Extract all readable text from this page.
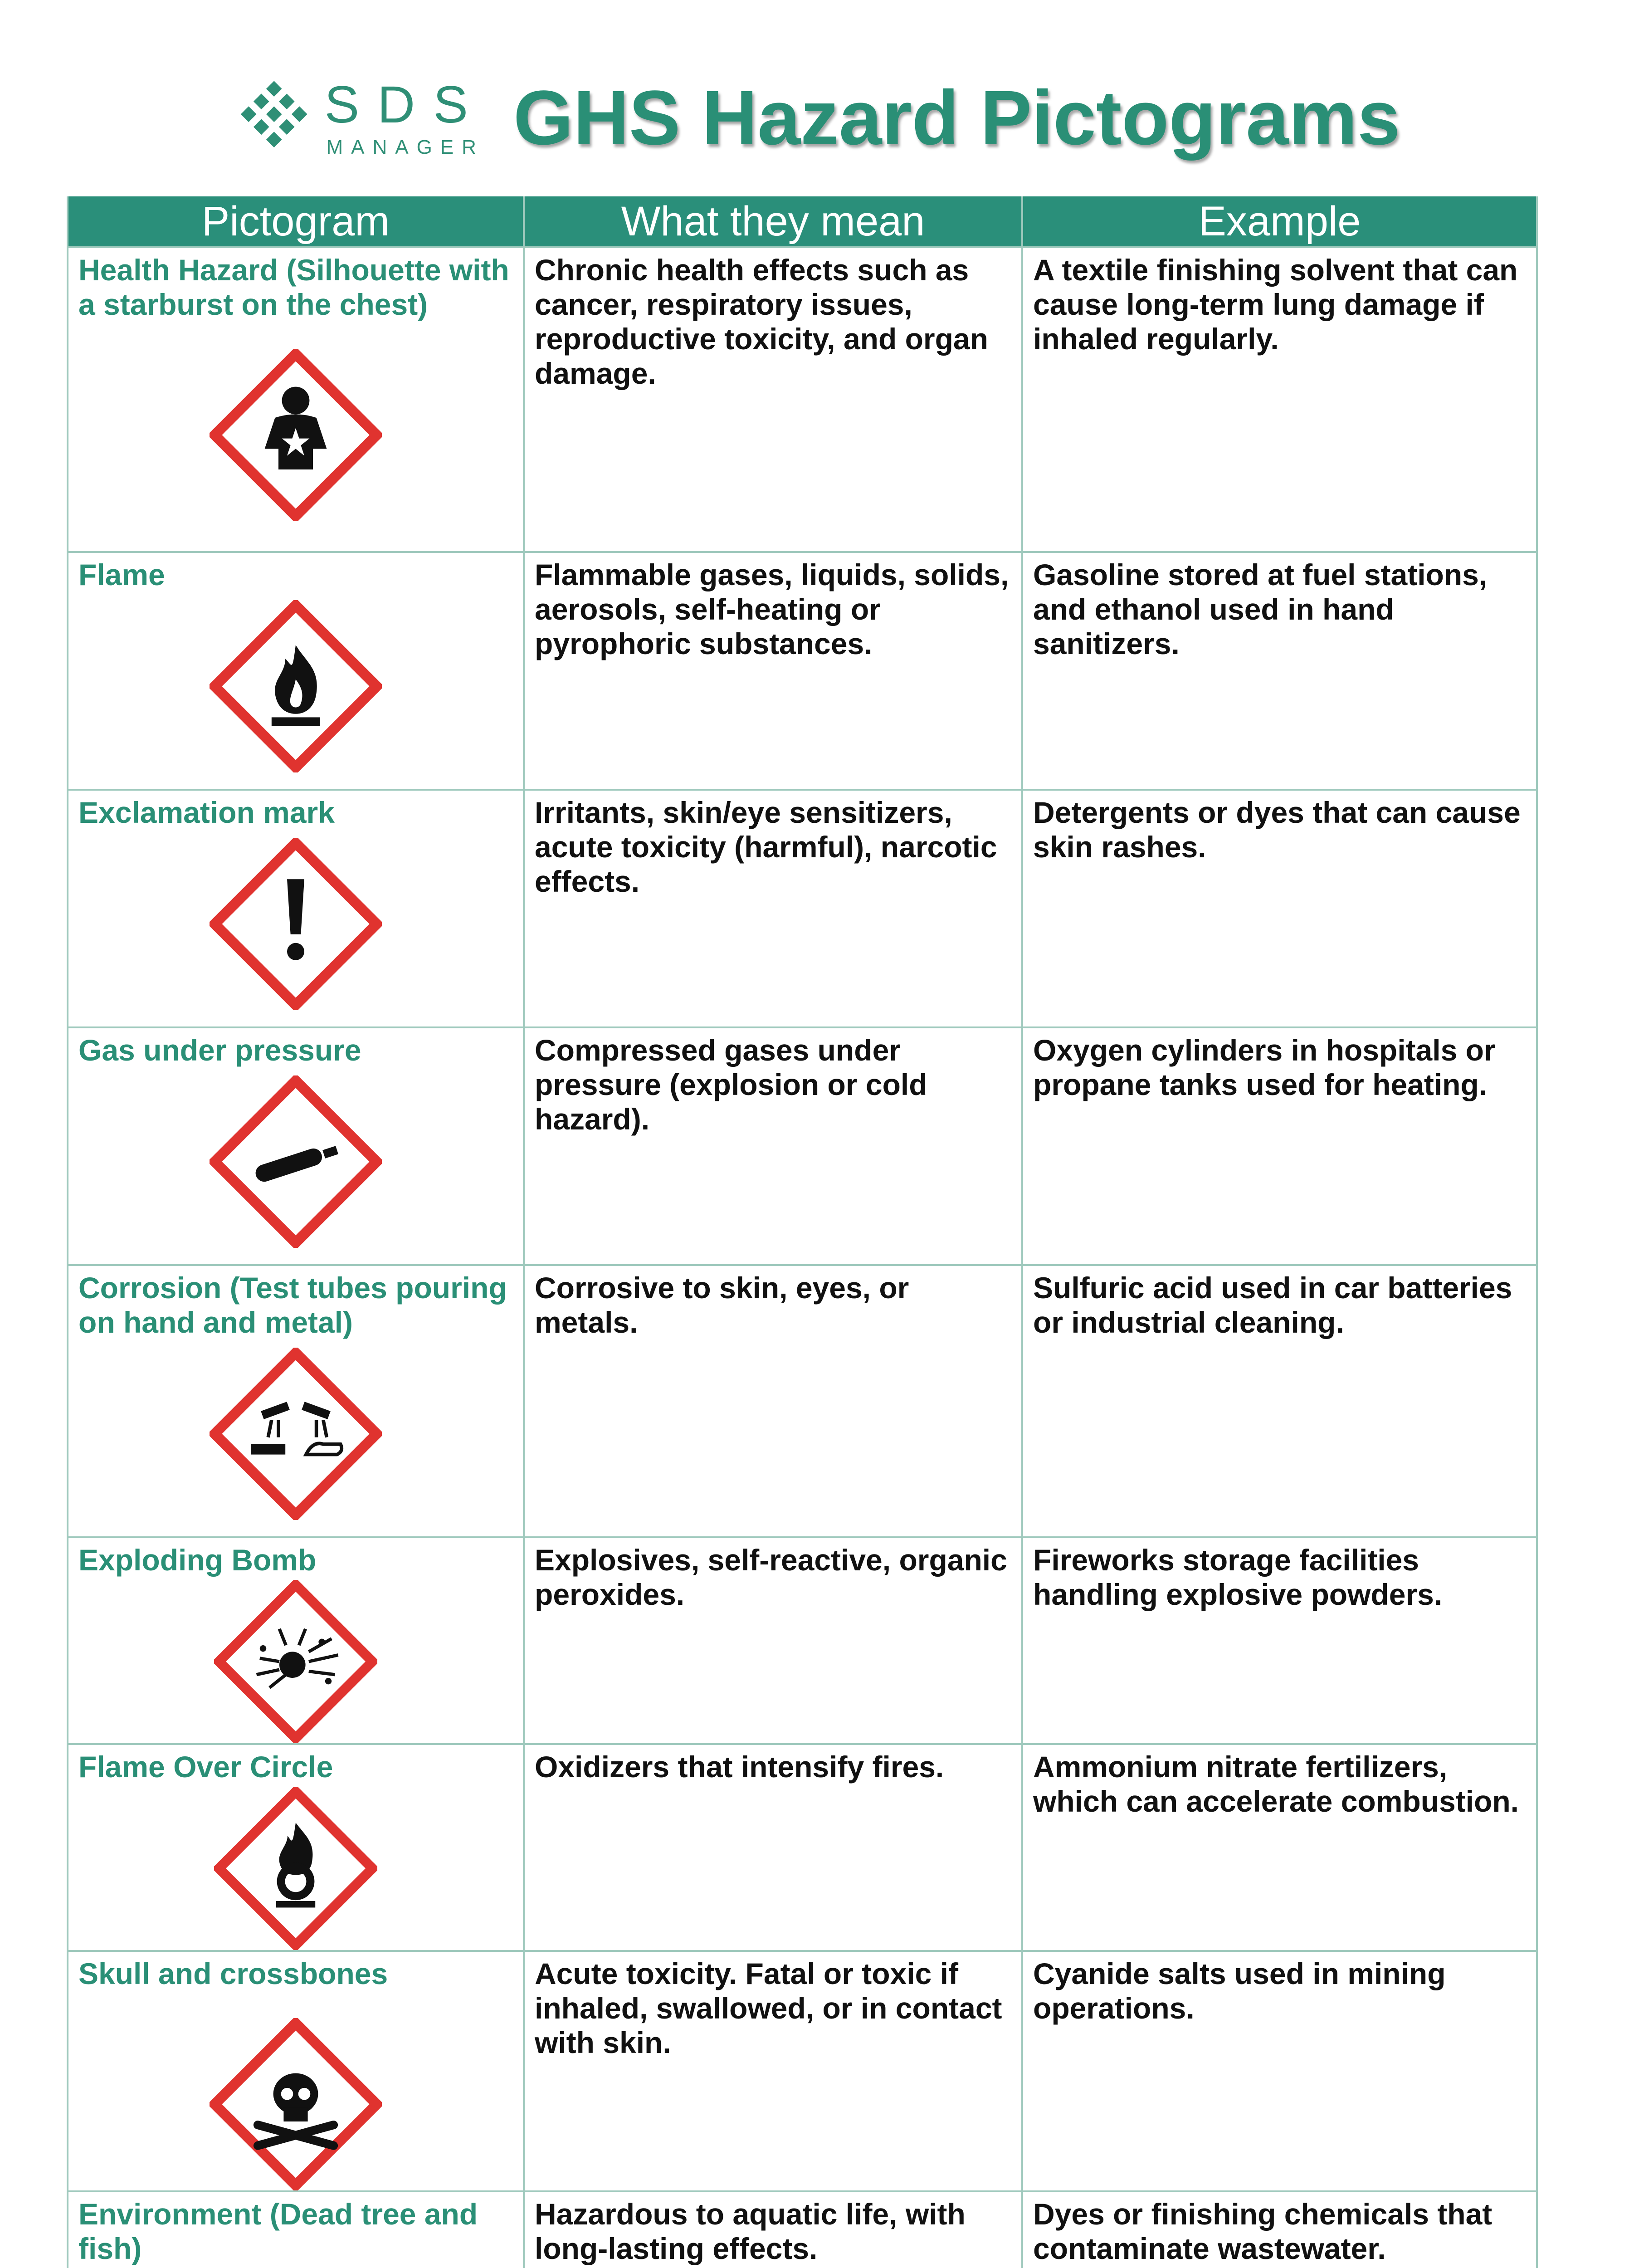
SDS
MANAGER GHS Hazard Pictograms
Pictogram	What they mean	Example

Health Hazard (Silhouette with a starburst on the chest)	Chronic health effects such as cancer, respiratory issues, reproductive toxicity, and organ damage.	A textile finishing solvent that can cause long-term lung damage if inhaled regularly.

Flame	Flammable gases, liquids, solids, aerosols, self-heating or pyrophoric substances.	Gasoline stored at fuel stations, and ethanol used in hand sanitizers.

Exclamation mark	Irritants, skin/eye sensitizers, acute toxicity (harmful), narcotic effects.	Detergents or dyes that can cause skin rashes.

Gas under pressure	Compressed gases under pressure (explosion or cold hazard).	Oxygen cylinders in hospitals or propane tanks used for heating.

Corrosion (Test tubes pouring on hand and metal)	Corrosive to skin, eyes, or metals.	Sulfuric acid used in car batteries or industrial cleaning.

Exploding Bomb	Explosives, self-reactive, organic peroxides.	Fireworks storage facilities handling explosive powders.

Flame Over Circle	Oxidizers that intensify fires.	Ammonium nitrate fertilizers, which can accelerate combustion.

Skull and crossbones	Acute toxicity. Fatal or toxic if inhaled, swallowed, or in contact with skin.	Cyanide salts used in mining operations.

Environment (Dead tree and fish)	Hazardous to aquatic life, with long-lasting effects.	Dyes or finishing chemicals that contaminate wastewater.
